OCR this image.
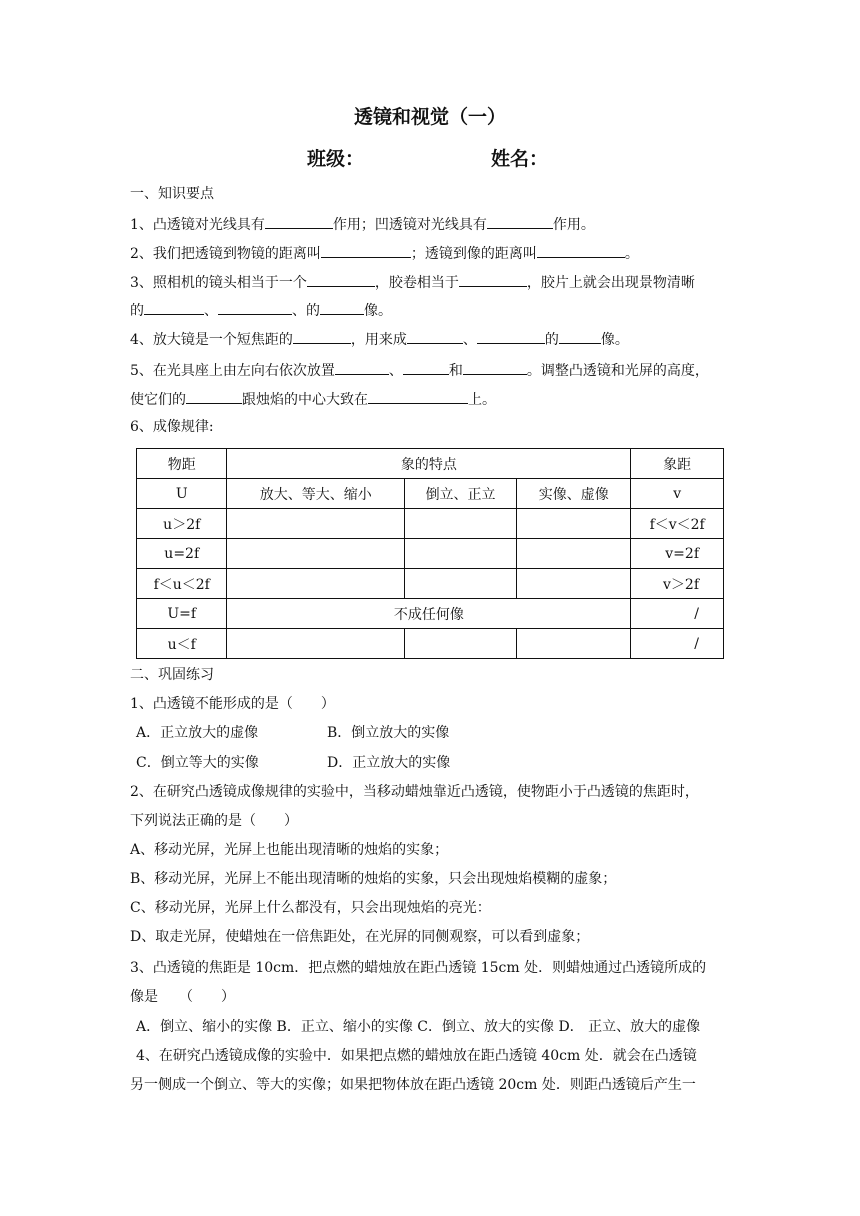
透镜和视觉（一）
班级：	姓名：
一、知识要点
1、凸透镜对光线具有	作用；凹透镜对光线具有	作用。
2、我们把透镜到物镜的距离叫	；透镜到像的距离叫	。
3、照相机的镜头相当于一个	，胶卷相当于	，胶片上就会出现景物清晰
的	、	、的	像。
4、放大镜是一个短焦距的	，用来成	、	的	像。
5、在光具座上由左向右依次放置	、	和	。调整凸透镜和光屏的高度，
使它们的	跟烛焰的中心大致在	上。
6、成像规律:
物距	象的特点			象距
U	放大、等大、缩小	倒立、正立	实像、虚像	v
u＞2f				f＜v＜2f
u=2f				v=2f
f＜u＜2f				v＞2f
U=f	不成任何像			/
u＜f				/
二、巩固练习
1、凸透镜不能形成的是（　　）
A．正立放大的虚像	B．倒立放大的实像
C．倒立等大的实像	D．正立放大的实像
2、在研究凸透镜成像规律的实验中，当移动蜡烛靠近凸透镜，使物距小于凸透镜的焦距时，
下列说法正确的是（　　）
A、移动光屏，光屏上也能出现清晰的烛焰的实象；
B、移动光屏，光屏上不能出现清晰的烛焰的实象，只会出现烛焰模糊的虚象；
C、移动光屏，光屏上什么都没有，只会出现烛焰的亮光：
D、取走光屏，使蜡烛在一倍焦距处，在光屏的同侧观察，可以看到虚象；
3、凸透镜的焦距是 10cm．把点燃的蜡烛放在距凸透镜 15cm 处．则蜡烛通过凸透镜所成的
像是　　（　　）
A．倒立、缩小的实像 B．正立、缩小的实像 C．倒立、放大的实像 D． 正立、放大的虚像
4、在研究凸透镜成像的实验中．如果把点燃的蜡烛放在距凸透镜 40cm 处．就会在凸透镜
另一侧成一个倒立、等大的实像；如果把物体放在距凸透镜 20cm 处．则距凸透镜后产生一
